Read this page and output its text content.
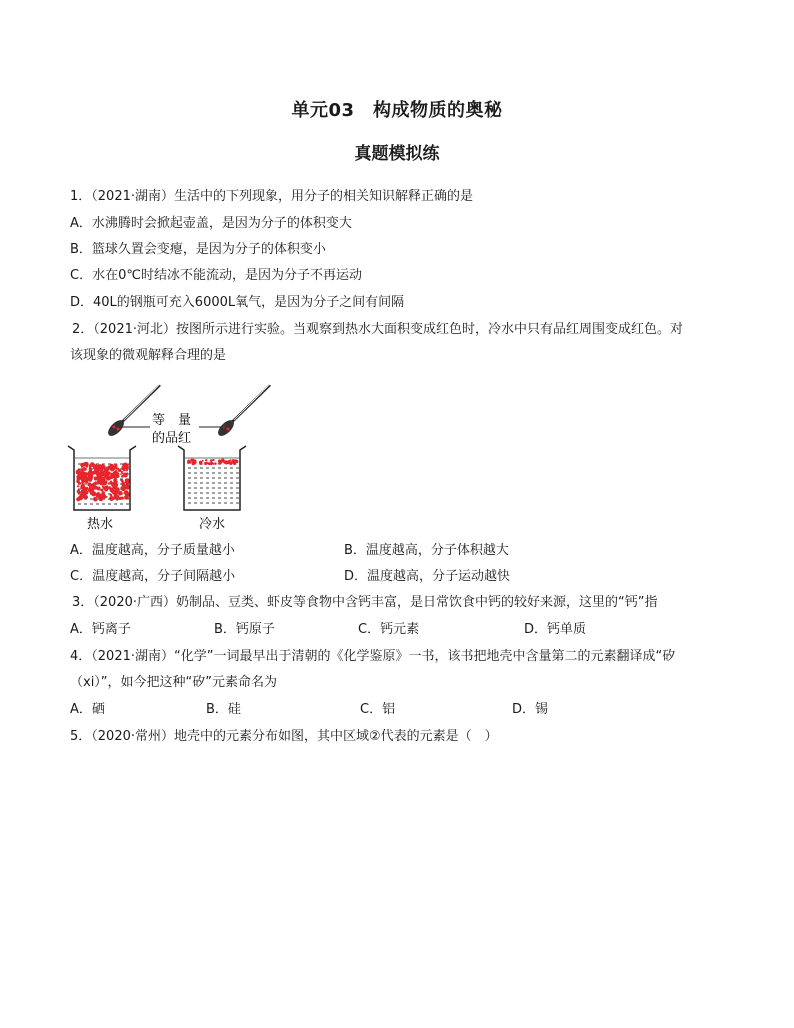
单元03　构成物质的奥秘
真题模拟练
1．（2021·湖南）生活中的下列现象，用分子的相关知识解释正确的是
A．水沸腾时会掀起壶盖，是因为分子的体积变大
B．篮球久置会变瘪，是因为分子的体积变小
C．水在0℃时结冰不能流动，是因为分子不再运动
D．40L的钢瓶可充入6000L氧气，是因为分子之间有间隔
2．（2021·河北）按图所示进行实验。当观察到热水大面积变成红色时，冷水中只有品红周围变成红色。对
该现象的微观解释合理的是
等　量
的品红
热水	冷水
A．温度越高，分子质量越小	B．温度越高，分子体积越大
C．温度越高，分子间隔越小	D．温度越高，分子运动越快
3．（2020·广西）奶制品、豆类、虾皮等食物中含钙丰富，是日常饮食中钙的较好来源，这里的“钙”指
A．钙离子	B．钙原子	C．钙元素	D．钙单质
4．（2021·湖南）“化学”一词最早出于清朝的《化学鉴原》一书，该书把地壳中含量第二的元素翻译成“矽
（xi）”，如今把这种“矽”元素命名为
A．硒	B．硅	C．铝	D．锡
5．（2020·常州）地壳中的元素分布如图，其中区域②代表的元素是（　）
